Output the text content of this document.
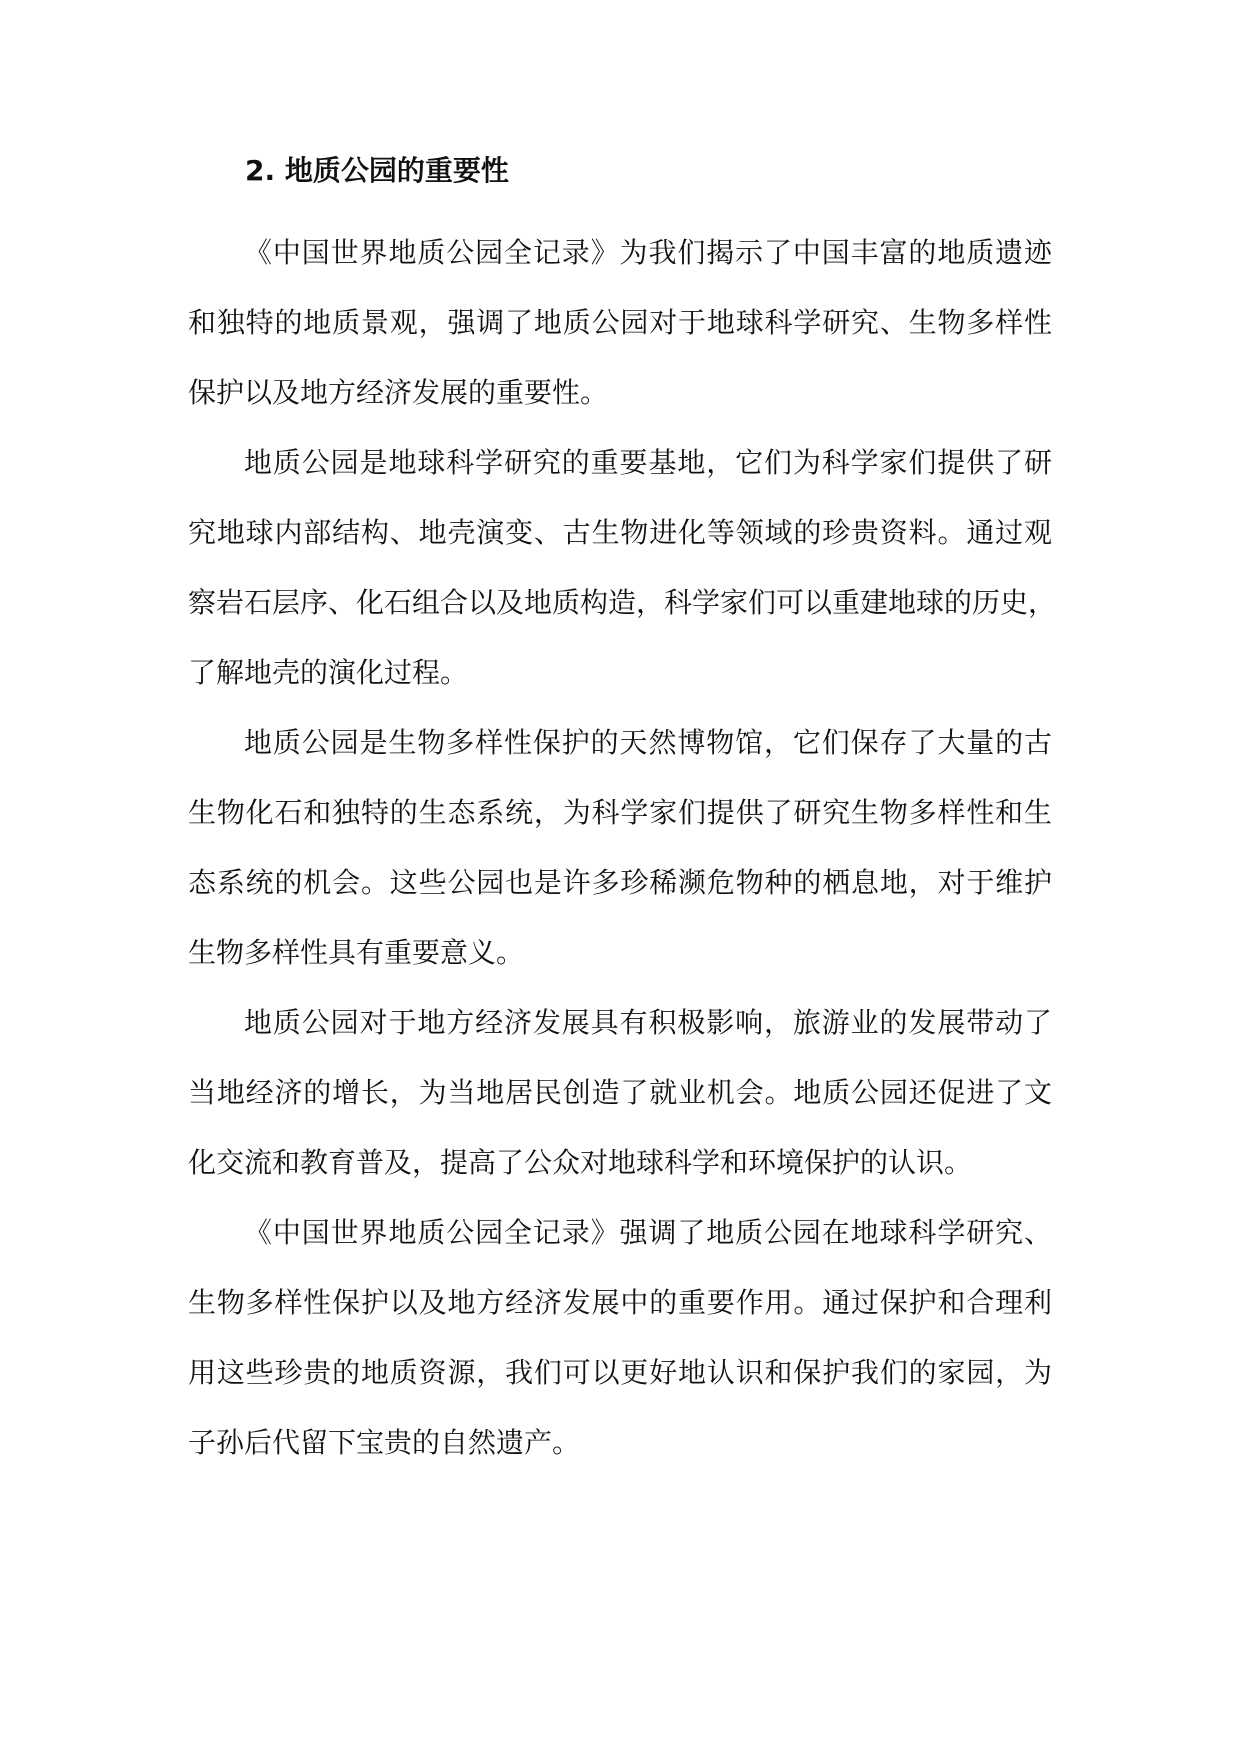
2. 地质公园的重要性
《中国世界地质公园全记录》为我们揭示了中国丰富的地质遗迹
和独特的地质景观，强调了地质公园对于地球科学研究、生物多样性
保护以及地方经济发展的重要性。
地质公园是地球科学研究的重要基地，它们为科学家们提供了研
究地球内部结构、地壳演变、古生物进化等领域的珍贵资料。通过观
察岩石层序、化石组合以及地质构造，科学家们可以重建地球的历史，
了解地壳的演化过程。
地质公园是生物多样性保护的天然博物馆，它们保存了大量的古
生物化石和独特的生态系统，为科学家们提供了研究生物多样性和生
态系统的机会。这些公园也是许多珍稀濒危物种的栖息地，对于维护
生物多样性具有重要意义。
地质公园对于地方经济发展具有积极影响，旅游业的发展带动了
当地经济的增长，为当地居民创造了就业机会。地质公园还促进了文
化交流和教育普及，提高了公众对地球科学和环境保护的认识。
《中国世界地质公园全记录》强调了地质公园在地球科学研究、
生物多样性保护以及地方经济发展中的重要作用。通过保护和合理利
用这些珍贵的地质资源，我们可以更好地认识和保护我们的家园，为
子孙后代留下宝贵的自然遗产。
